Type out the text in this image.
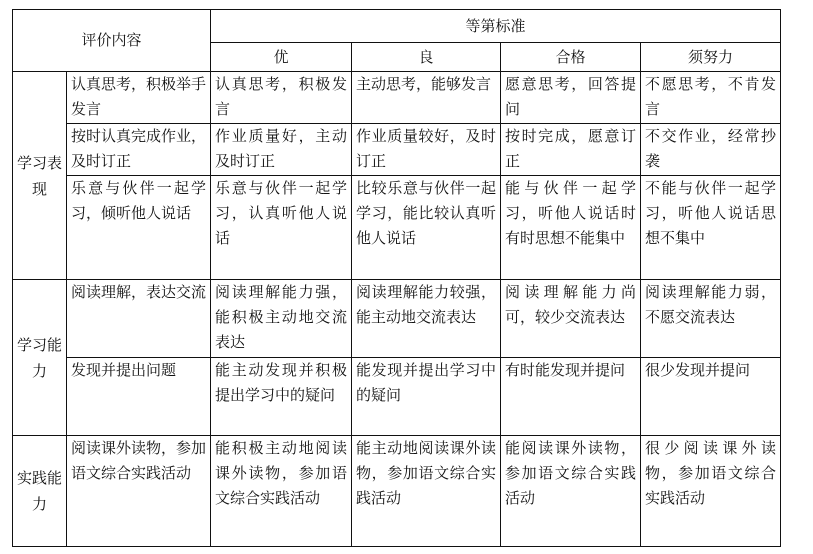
评价内容		等第标准			
		优	良	合格	须努力

学习表现	认真思考，积极举手发言	认真思考，积极发言	主动思考，能够发言	愿意思考，回答提问	不愿思考，不肯发言
	按时认真完成作业，及时订正	作业质量好，主动及时订正	作业质量较好，及时订正	按时完成，愿意订正	不交作业，经常抄袭
	乐意与伙伴一起学习，倾听他人说话	乐意与伙伴一起学习，认真听他人说话	比较乐意与伙伴一起学习，能比较认真听他人说话	能与伙伴一起学习，听他人说话时有时思想不能集中	不能与伙伴一起学习，听他人说话思想不集中

学习能力	阅读理解，表达交流	阅读理解能力强，能积极主动地交流表达	阅读理解能力较强，能主动地交流表达	阅读理解能力尚可，较少交流表达	阅读理解能力弱，不愿交流表达
	发现并提出问题	能主动发现并积极提出学习中的疑问	能发现并提出学习中的疑问	有时能发现并提问	很少发现并提问

实践能力	阅读课外读物，参加语文综合实践活动	能积极主动地阅读课外读物，参加语文综合实践活动	能主动地阅读课外读物，参加语文综合实践活动	能阅读课外读物，参加语文综合实践活动	很少阅读课外读物，参加语文综合实践活动
